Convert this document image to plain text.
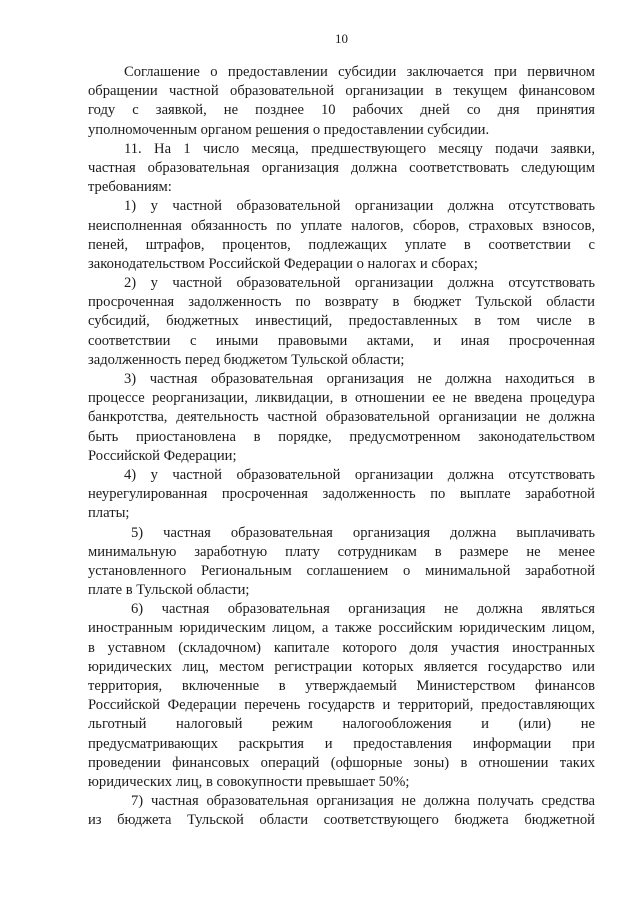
10
Соглашение о предоставлении субсидии заключается при первичном
обращении частной образовательной организации в текущем финансовом
году с заявкой, не позднее 10 рабочих дней со дня принятия
уполномоченным органом решения о предоставлении субсидии.
11. На 1 число месяца, предшествующего месяцу подачи заявки,
частная образовательная организация должна соответствовать следующим
требованиям:
1) у частной образовательной организации должна отсутствовать
неисполненная обязанность по уплате налогов, сборов, страховых взносов,
пеней, штрафов, процентов, подлежащих уплате в соответствии с
законодательством Российской Федерации о налогах и сборах;
2) у частной образовательной организации должна отсутствовать
просроченная задолженность по возврату в бюджет Тульской области
субсидий, бюджетных инвестиций, предоставленных в том числе в
соответствии с иными правовыми актами, и иная просроченная
задолженность перед бюджетом Тульской области;
3) частная образовательная организация не должна находиться в
процессе реорганизации, ликвидации, в отношении ее не введена процедура
банкротства, деятельность частной образовательной организации не должна
быть приостановлена в порядке, предусмотренном законодательством
Российской Федерации;
4) у частной образовательной организации должна отсутствовать
неурегулированная просроченная задолженность по выплате заработной
платы;
5) частная образовательная организация должна выплачивать
минимальную заработную плату сотрудникам в размере не менее
установленного Региональным соглашением о минимальной заработной
плате в Тульской области;
6) частная образовательная организация не должна являться
иностранным юридическим лицом, а также российским юридическим лицом,
в уставном (складочном) капитале которого доля участия иностранных
юридических лиц, местом регистрации которых является государство или
территория, включенные в утверждаемый Министерством финансов
Российской Федерации перечень государств и территорий, предоставляющих
льготный налоговый режим налогообложения и (или) не
предусматривающих раскрытия и предоставления информации при
проведении финансовых операций (офшорные зоны) в отношении таких
юридических лиц, в совокупности превышает 50%;
7) частная образовательная организация не должна получать средства
из бюджета Тульской области соответствующего бюджета бюджетной
